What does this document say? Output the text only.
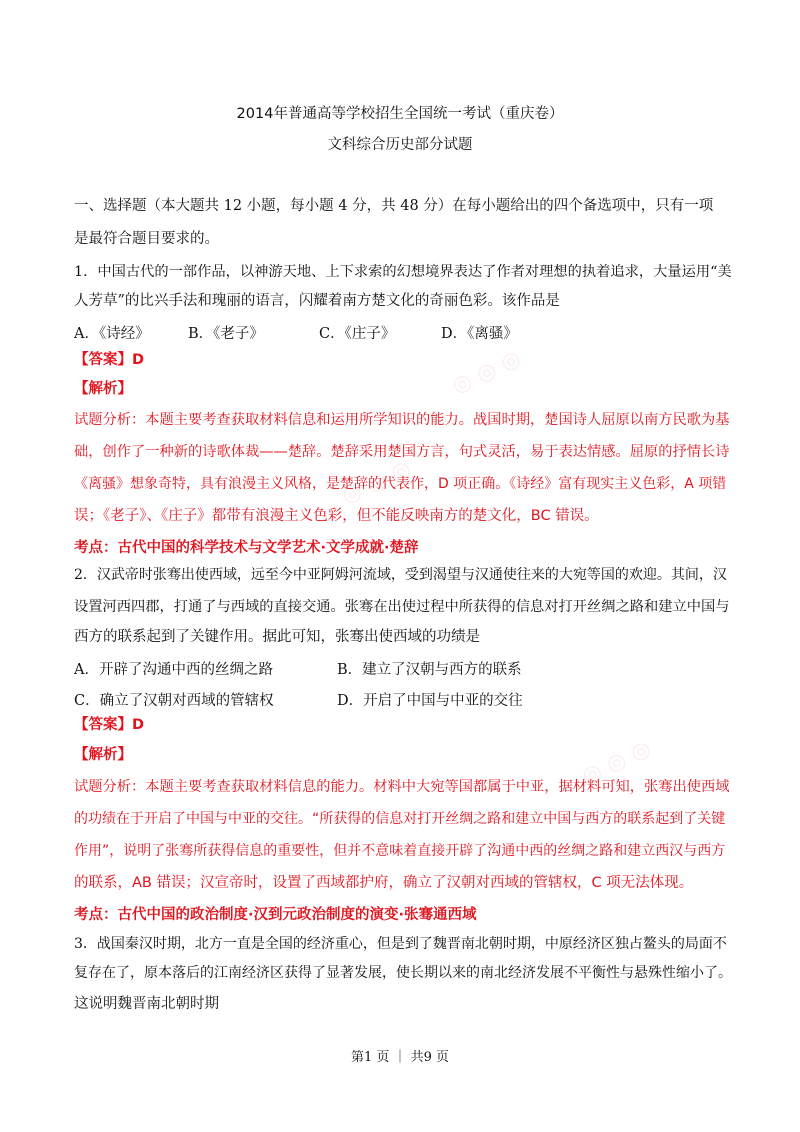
◎ ◎ ◎
◎ ◎ ◎
◎ ◎ ◎
2014年普通高等学校招生全国统一考试（重庆卷）
文科综合历史部分试题
一、选择题（本大题共 12 小题，每小题 4 分，共 48 分）在每小题给出的四个备选项中，只有一项
是最符合题目要求的。
1．中国古代的一部作品，以神游天地、上下求索的幻想境界表达了作者对理想的执着追求，大量运用“美
人芳草”的比兴手法和瑰丽的语言，闪耀着南方楚文化的奇丽色彩。该作品是
A．《诗经》	B．《老子》	C．《庄子》	D．《离骚》
【答案】D
【解析】
试题分析：本题主要考查获取材料信息和运用所学知识的能力。战国时期，楚国诗人屈原以南方民歌为基
础，创作了一种新的诗歌体裁——楚辞。楚辞采用楚国方言，句式灵活，易于表达情感。屈原的抒情长诗
《离骚》想象奇特，具有浪漫主义风格，是楚辞的代表作，D 项正确。《诗经》富有现实主义色彩，A 项错
误；《老子》、《庄子》都带有浪漫主义色彩，但不能反映南方的楚文化，BC 错误。
考点：古代中国的科学技术与文学艺术·文学成就·楚辞
2．汉武帝时张骞出使西域，远至今中亚阿姆河流域，受到渴望与汉通使往来的大宛等国的欢迎。其间，汉
设置河西四郡，打通了与西域的直接交通。张骞在出使过程中所获得的信息对打开丝绸之路和建立中国与
西方的联系起到了关键作用。据此可知，张骞出使西域的功绩是
A．开辟了沟通中西的丝绸之路	B．建立了汉朝与西方的联系
C．确立了汉朝对西域的管辖权	D．开启了中国与中亚的交往
【答案】D
【解析】
试题分析：本题主要考查获取材料信息的能力。材料中大宛等国都属于中亚，据材料可知，张骞出使西域
的功绩在于开启了中国与中亚的交往。“所获得的信息对打开丝绸之路和建立中国与西方的联系起到了关键
作用”，说明了张骞所获得信息的重要性，但并不意味着直接开辟了沟通中西的丝绸之路和建立西汉与西方
的联系，AB 错误；汉宣帝时，设置了西域都护府，确立了汉朝对西域的管辖权，C 项无法体现。
考点：古代中国的政治制度·汉到元政治制度的演变·张骞通西域
3．战国秦汉时期，北方一直是全国的经济重心，但是到了魏晋南北朝时期，中原经济区独占鳌头的局面不
复存在了，原本落后的江南经济区获得了显著发展，使长期以来的南北经济发展不平衡性与悬殊性缩小了。
这说明魏晋南北朝时期
第1 页 ｜ 共9 页
